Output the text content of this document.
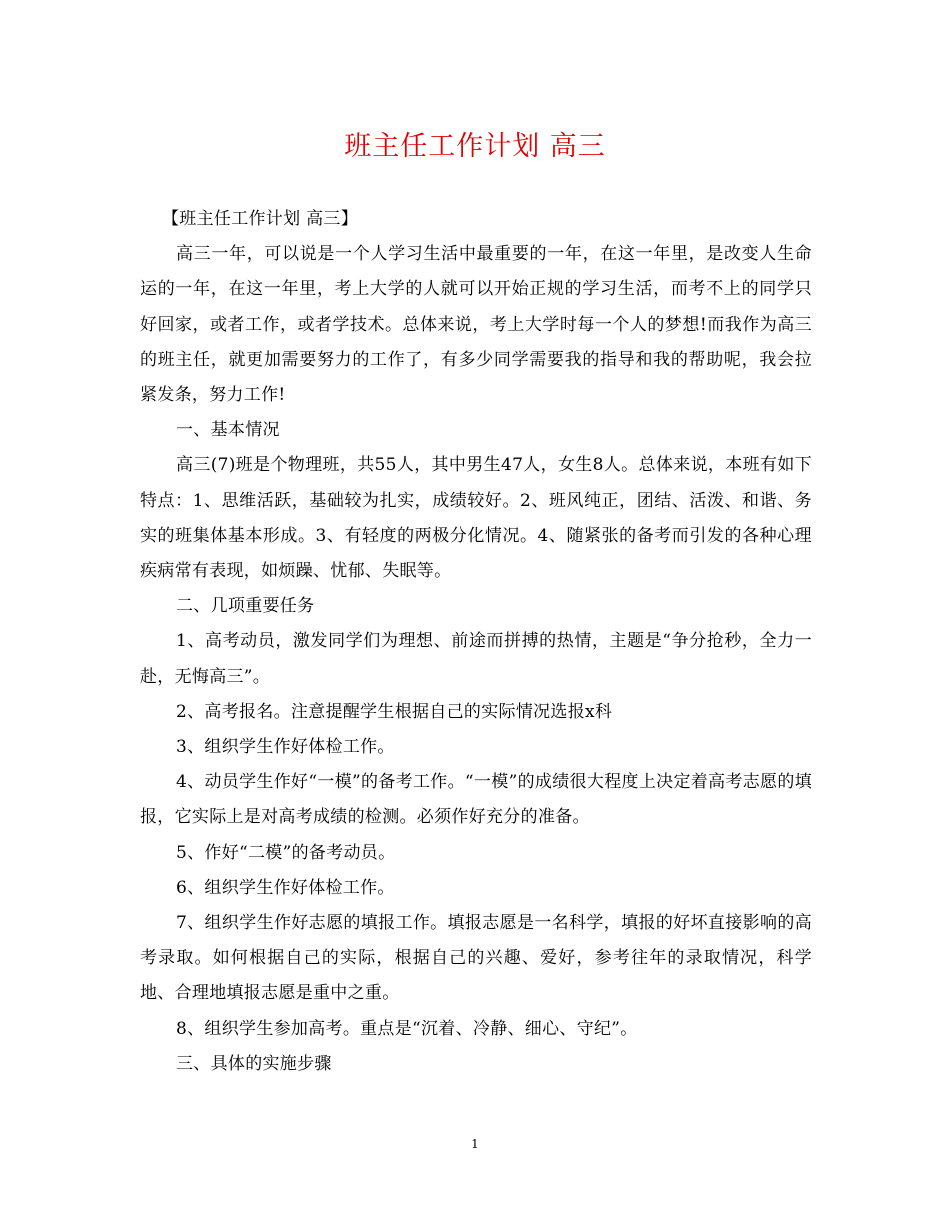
班主任工作计划 高三

【班主任工作计划 高三】

高三一年，可以说是一个人学习生活中最重要的一年，在这一年里，是改变人生命运的一年，在这一年里，考上大学的人就可以开始正规的学习生活，而考不上的同学只好回家，或者工作，或者学技术。总体来说，考上大学时每一个人的梦想!而我作为高三的班主任，就更加需要努力的工作了，有多少同学需要我的指导和我的帮助呢，我会拉紧发条，努力工作!

一、基本情况

高三(7)班是个物理班，共55人，其中男生47人，女生8人。总体来说，本班有如下特点：1、思维活跃，基础较为扎实，成绩较好。2、班风纯正，团结、活泼、和谐、务实的班集体基本形成。3、有轻度的两极分化情况。4、随紧张的备考而引发的各种心理疾病常有表现，如烦躁、忧郁、失眠等。

二、几项重要任务

1、高考动员，激发同学们为理想、前途而拼搏的热情，主题是“争分抢秒，全力一赴，无悔高三”。

2、高考报名。注意提醒学生根据自己的实际情况选报x科

3、组织学生作好体检工作。

4、动员学生作好“一模”的备考工作。“一模”的成绩很大程度上决定着高考志愿的填报，它实际上是对高考成绩的检测。必须作好充分的准备。

5、作好“二模”的备考动员。

6、组织学生作好体检工作。

7、组织学生作好志愿的填报工作。填报志愿是一名科学，填报的好坏直接影响的高考录取。如何根据自己的实际，根据自己的兴趣、爱好，参考往年的录取情况，科学地、合理地填报志愿是重中之重。

8、组织学生参加高考。重点是“沉着、冷静、细心、守纪”。

三、具体的实施步骤

1
